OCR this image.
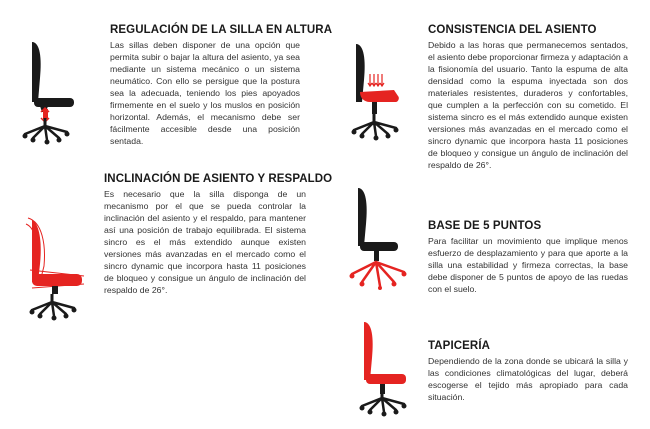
REGULACIÓN DE LA SILLA EN ALTURA

Las sillas deben disponer de una opción que permita subir o bajar la altura del asiento, ya sea mediante un sistema mecánico o un sistema neumático. Con ello se persigue que la postura sea la adecuada, teniendo los pies apoyados firmemente en el suelo y los muslos en posición horizontal. Además, el mecanismo debe ser fácilmente accesible desde una posición sentada.

INCLINACIÓN DE ASIENTO Y RESPALDO

Es necesario que la silla disponga de un mecanismo por el que se pueda controlar la inclinación del asiento y el respaldo, para mantener así una posición de trabajo equilibrada. El sistema sincro es el más extendido aunque existen versiones más avanzadas en el mercado como el sincro dynamic que incorpora hasta 11 posiciones de bloqueo y consigue un ángulo de inclinación del respaldo de 26°.

CONSISTENCIA DEL ASIENTO

Debido a las horas que permanecemos sentados, el asiento debe proporcionar firmeza y adaptación a la fisionomía del usuario. Tanto la espuma de alta densidad como la espuma inyectada son dos materiales resistentes, duraderos y confortables, que cumplen a la perfección con su cometido. El sistema sincro es el más extendido aunque existen versiones más avanzadas en el mercado como el sincro dynamic que incorpora hasta 11 posiciones de bloqueo y consigue un ángulo de inclinación del respaldo de 26°.

BASE DE 5 PUNTOS

Para facilitar un movimiento que implique menos esfuerzo de desplazamiento y para que aporte a la silla una estabilidad y firmeza correctas, la base debe disponer de 5 puntos de apoyo de las ruedas con el suelo.

TAPICERÍA

Dependiendo de la zona donde se ubicará la silla y las condiciones climatológicas del lugar, deberá escogerse el tejido más apropiado para cada situación.
